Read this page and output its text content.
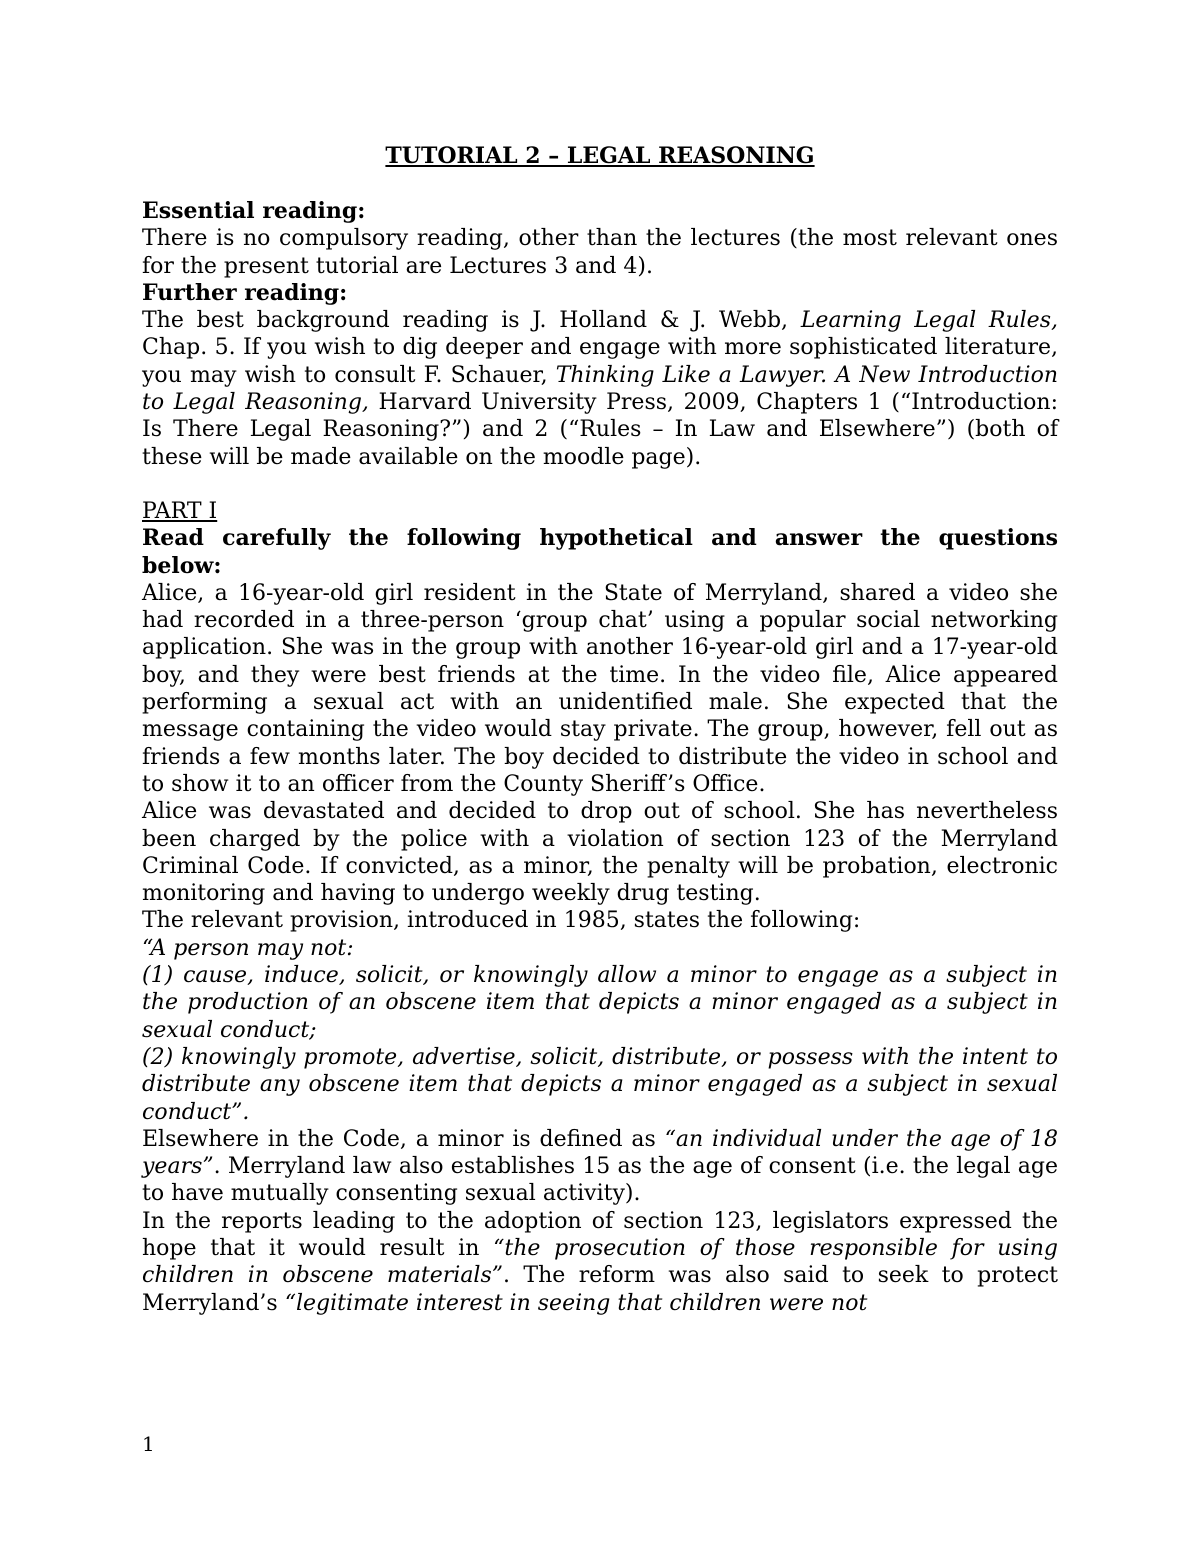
TUTORIAL 2 – LEGAL REASONING

Essential reading:

There is no compulsory reading, other than the lectures (the most relevant ones for the present tutorial are Lectures 3 and 4).

Further reading:

The best background reading is J. Holland & J. Webb, Learning Legal Rules, Chap. 5. If you wish to dig deeper and engage with more sophisticated literature, you may wish to consult F. Schauer, Thinking Like a Lawyer. A New Introduction to Legal Reasoning, Harvard University Press, 2009, Chapters 1 (“Introduction: Is There Legal Reasoning?”) and 2 (“Rules – In Law and Elsewhere”) (both of these will be made available on the moodle page).

PART I

Read carefully the following hypothetical and answer the questions below:

Alice, a 16-year-old girl resident in the State of Merryland, shared a video she had recorded in a three-person ‘group chat’ using a popular social networking application. She was in the group with another 16-year-old girl and a 17-year-old boy, and they were best friends at the time. In the video file, Alice appeared performing a sexual act with an unidentified male. She expected that the message containing the video would stay private. The group, however, fell out as friends a few months later. The boy decided to distribute the video in school and to show it to an officer from the County Sheriff’s Office.

Alice was devastated and decided to drop out of school. She has nevertheless been charged by the police with a violation of section 123 of the Merryland Criminal Code. If convicted, as a minor, the penalty will be probation, electronic monitoring and having to undergo weekly drug testing.

The relevant provision, introduced in 1985, states the following:

“A person may not:

(1) cause, induce, solicit, or knowingly allow a minor to engage as a subject in the production of an obscene item that depicts a minor engaged as a subject in sexual conduct;

(2) knowingly promote, advertise, solicit, distribute, or possess with the intent to distribute any obscene item that depicts a minor engaged as a subject in sexual conduct”.

Elsewhere in the Code, a minor is defined as “an individual under the age of 18 years”. Merryland law also establishes 15 as the age of consent (i.e. the legal age to have mutually consenting sexual activity).

In the reports leading to the adoption of section 123, legislators expressed the hope that it would result in “the prosecution of those responsible for using children in obscene materials”. The reform was also said to seek to protect Merryland’s “legitimate interest in seeing that children were not

1
